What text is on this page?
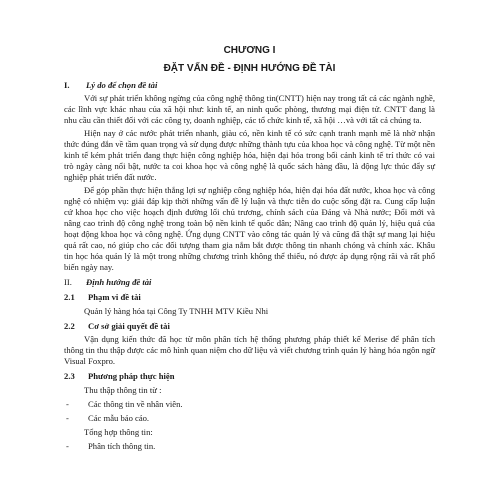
CHƯƠNG I
ĐẶT VẤN ĐỀ - ĐỊNH HƯỚNG ĐỀ TÀI
I.	Lý do để chọn đề tài

Với sự phát triển không ngừng của công nghệ thông tin(CNTT) hiện nay trong tất cả các ngành nghề, các lĩnh vực khác nhau của xã hội như: kinh tế, an ninh quốc phòng, thương mại điện tử. CNTT đang là nhu cầu cần thiết đối với các công ty, doanh nghiệp, các tổ chức kinh tế, xã hội …và với tất cả chúng ta.

Hiện nay ở các nước phát triển nhanh, giàu có, nền kinh tế có sức cạnh tranh mạnh mẽ là nhờ nhận thức đúng đắn về tầm quan trọng và sử dụng được những thành tựu của khoa học và công nghệ. Từ một nền kinh tế kém phát triển đang thực hiện công nghiệp hóa, hiện đại hóa trong bối cảnh kinh tế trí thức có vai trò ngày càng nổi bật, nước ta coi khoa học và công nghệ là quốc sách hàng đầu, là động lực thúc đẩy sự nghiệp phát triển đất nước.

Để góp phần thực hiện thắng lợi sự nghiệp công nghiệp hóa, hiện đại hóa đất nước, khoa học và công nghệ có nhiệm vụ: giải đáp kịp thời những vấn đề lý luận và thực tiễn do cuộc sống đặt ra. Cung cấp luận cứ khoa học cho việc hoạch định đường lối chủ trương, chính sách của Đảng và Nhà nước; Đổi mới và nâng cao trình độ công nghệ trong toàn bộ nền kinh tế quốc dân; Nâng cao trình độ quản lý, hiệu quả của hoạt động khoa học và công nghệ. Ứng dụng CNTT vào công tác quản lý và cũng đã thật sự mang lại hiệu quả rất cao, nó giúp cho các đối tượng tham gia nắm bắt được thông tin nhanh chóng và chính xác. Khâu tin học hóa quản lý là một trong những chương trình không thể thiếu, nó được áp dụng rộng rãi và rất phổ biến ngày nay.

II.	Định hướng đề tài
2.1	Phạm vi đề tài
Quản lý hàng hóa tại Công Ty TNHH MTV Kiều Nhi
2.2	Cơ sở giải quyết đề tài

Vận dụng kiến thức đã học từ môn phân tích hệ thống phương pháp thiết kế Merise để phân tích thông tin thu thập được các mô hình quan niệm cho dữ liệu và viết chương trình quản lý hàng hóa ngôn ngữ Visual Foxpro.

2.3	Phương pháp thực hiện
Thu thập thông tin từ :
-	Các thông tin về nhân viên.
-	Các mẫu báo cáo.
Tổng hợp thông tin:
-	Phân tích thông tin.
